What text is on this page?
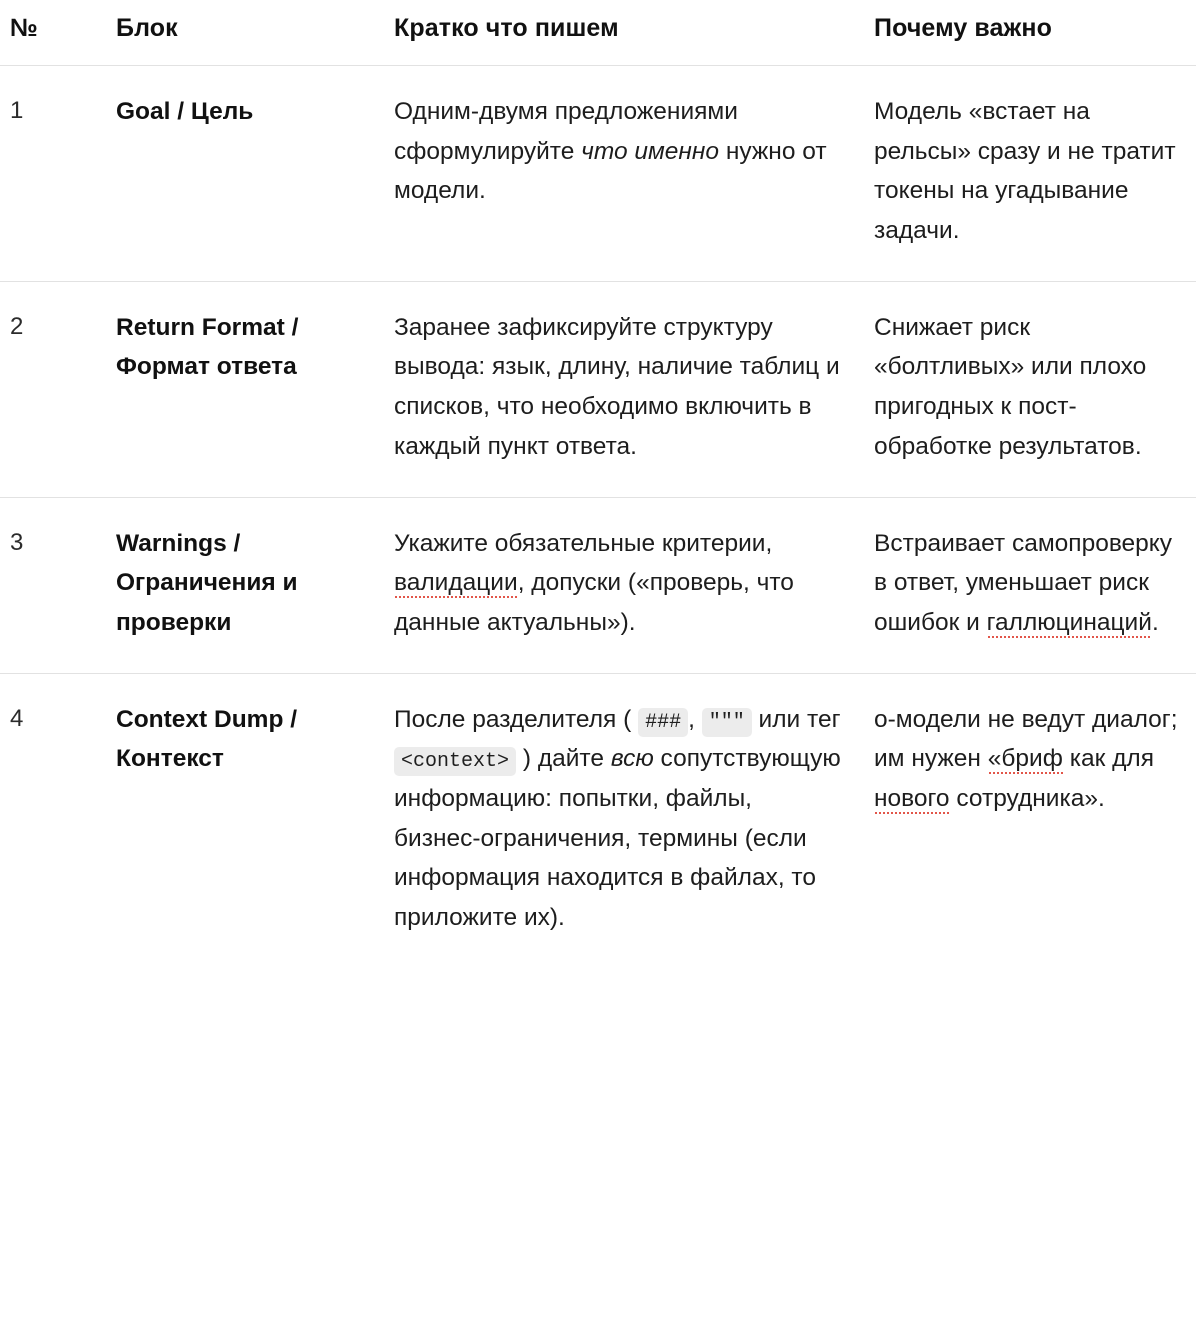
№	Блок	Кратко что пишем	Почему важно
1	Goal / Цель	Одним-двумя предложениями сформулируйте что именно нужно от модели.	Модель «встает на рельсы» сразу и не тратит токены на угадывание задачи.
2	Return Format / Формат ответа	Заранее зафиксируйте структуру вывода: язык, длину, наличие таблиц и списков, что необходимо включить в каждый пункт ответа.	Снижает риск «болтливых» или плохо пригодных к пост-обработке результатов.
3	Warnings / Ограничения и проверки	Укажите обязательные критерии, валидации, допуски («проверь, что данные актуальны»).	Встраивает самопроверку в ответ, уменьшает риск ошибок и галлюцинаций.
4	Context Dump / Контекст	После разделителя ( ### , """ или тег <context> ) дайте всю сопутствующую информацию: попытки, файлы, бизнес-ограничения, термины (если информация находится в файлах, то приложите их).	о-модели не ведут диалог; им нужен «бриф как для нового сотрудника».
